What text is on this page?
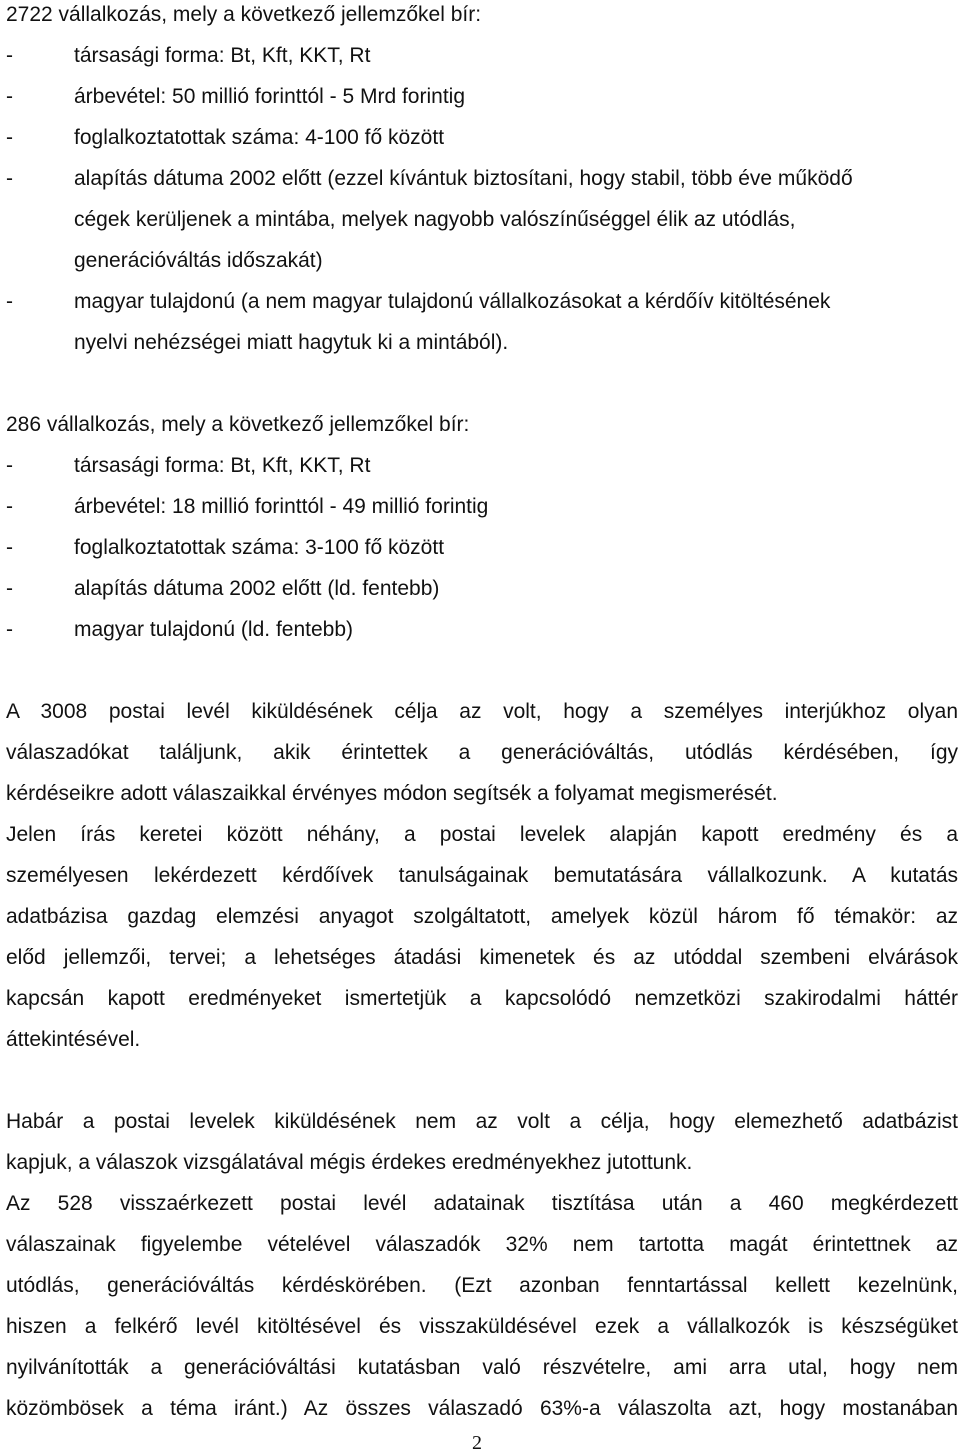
2722 vállalkozás, mely a következő jellemzőkel bír:
-	társasági forma: Bt, Kft, KKT, Rt
-	árbevétel: 50 millió forinttól - 5 Mrd forintig
-	foglalkoztatottak száma: 4-100 fő között
-	alapítás dátuma 2002 előtt (ezzel kívántuk biztosítani, hogy stabil, több éve működő
cégek kerüljenek a mintába, melyek nagyobb valószínűséggel élik az utódlás,
generációváltás időszakát)
-	magyar tulajdonú (a nem magyar tulajdonú vállalkozásokat a kérdőív kitöltésének
nyelvi nehézségei miatt hagytuk ki a mintából).
286 vállalkozás, mely a következő jellemzőkel bír:
-	társasági forma: Bt, Kft, KKT, Rt
-	árbevétel: 18 millió forinttól - 49 millió forintig
-	foglalkoztatottak száma: 3-100 fő között
-	alapítás dátuma 2002 előtt (ld. fentebb)
-	magyar tulajdonú (ld. fentebb)
A 3008 postai levél kiküldésének célja az volt, hogy a személyes interjúkhoz olyan
válaszadókat találjunk, akik érintettek a generációváltás, utódlás kérdésében, így
kérdéseikre adott válaszaikkal érvényes módon segítsék a folyamat megismerését.
Jelen írás keretei között néhány, a postai levelek alapján kapott eredmény és a
személyesen lekérdezett kérdőívek tanulságainak bemutatására vállalkozunk. A kutatás
adatbázisa gazdag elemzési anyagot szolgáltatott, amelyek közül három fő témakör: az
előd jellemzői, tervei; a lehetséges átadási kimenetek és az utóddal szembeni elvárások
kapcsán kapott eredményeket ismertetjük a kapcsolódó nemzetközi szakirodalmi háttér
áttekintésével.
Habár a postai levelek kiküldésének nem az volt a célja, hogy elemezhető adatbázist
kapjuk, a válaszok vizsgálatával mégis érdekes eredményekhez jutottunk.
Az 528 visszaérkezett postai levél adatainak tisztítása után a 460 megkérdezett
válaszainak figyelembe vételével válaszadók 32% nem tartotta magát érintettnek az
utódlás, generációváltás kérdéskörében. (Ezt azonban fenntartással kellett kezelnünk,
hiszen a felkérő levél kitöltésével és visszaküldésével ezek a vállalkozók is készségüket
nyilvánították a generációváltási kutatásban való részvételre, ami arra utal, hogy nem
közömbösek a téma iránt.) Az összes válaszadó 63%-a válaszolta azt, hogy mostanában
2
